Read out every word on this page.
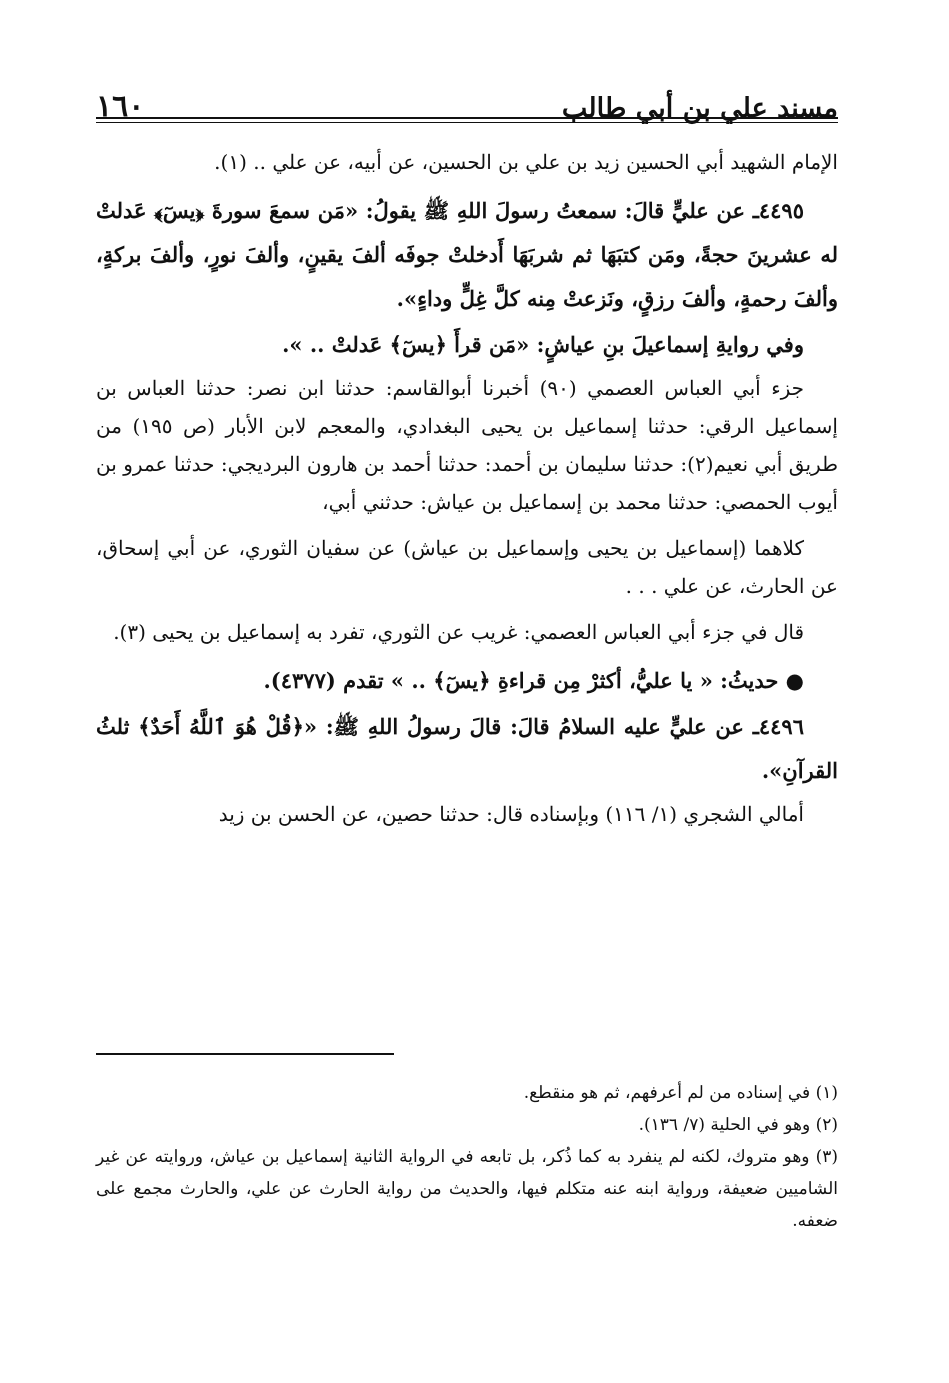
مسند علي بن أبي طالب
١٦٠

الإمام الشهيد أبي الحسين زيد بن علي بن الحسين، عن أبيه، عن علي .. (١).

٤٤٩٥ـ عن عليٍّ قالَ: سمعتُ رسولَ اللهِ ﷺ يقولُ: «مَن سمعَ سورةَ ﴿يسٓ﴾ عَدلتْ له عشرينَ حجةً، ومَن كتبَهَا ثم شربَهَا أَدخلتْ جوفَه ألفَ يقينٍ، وألفَ نورٍ، وألفَ بركةٍ، وألفَ رحمةٍ، وألفَ رزقٍ، ونَزعتْ مِنه كلَّ غِلٍّ وداءٍ».

وفي روايةِ إسماعيلَ بنِ عياشٍ: «مَن قرأَ ﴿يسٓ﴾ عَدلتْ .. ».

جزء أبي العباس العصمي (٩٠) أخبرنا أبوالقاسم: حدثنا ابن نصر: حدثنا العباس بن إسماعيل الرقي: حدثنا إسماعيل بن يحيى البغدادي، والمعجم لابن الأبار (ص ١٩٥) من طريق أبي نعيم(٢): حدثنا سليمان بن أحمد: حدثنا أحمد بن هارون البرديجي: حدثنا عمرو بن أيوب الحمصي: حدثنا محمد بن إسماعيل بن عياش: حدثني أبي،

كلاهما (إسماعيل بن يحيى وإسماعيل بن عياش) عن سفيان الثوري، عن أبي إسحاق، عن الحارث، عن علي . . .

قال في جزء أبي العباس العصمي: غريب عن الثوري، تفرد به إسماعيل بن يحيى (٣).

● حديثُ: « يا عليُّ، أكثرْ مِن قراءةِ ﴿يسٓ﴾ .. » تقدم (٤٣٧٧).

٤٤٩٦ـ عن عليٍّ عليه السلامُ قالَ: قالَ رسولُ اللهِ ﷺ: «﴿قُلْ هُوَ ٱللَّهُ أَحَدٌ﴾ ثلثُ القرآنِ».

أمالي الشجري (١/ ١١٦) وبإسناده قال: حدثنا حصين، عن الحسن بن زيد

(١) في إسناده من لم أعرفهم، ثم هو منقطع.

(٢) وهو في الحلية (٧/ ١٣٦).

(٣) وهو متروك، لكنه لم ينفرد به كما ذُكر، بل تابعه في الرواية الثانية إسماعيل بن عياش، وروايته عن غير الشاميين ضعيفة، ورواية ابنه عنه متكلم فيها، والحديث من رواية الحارث عن علي، والحارث مجمع على ضعفه.
